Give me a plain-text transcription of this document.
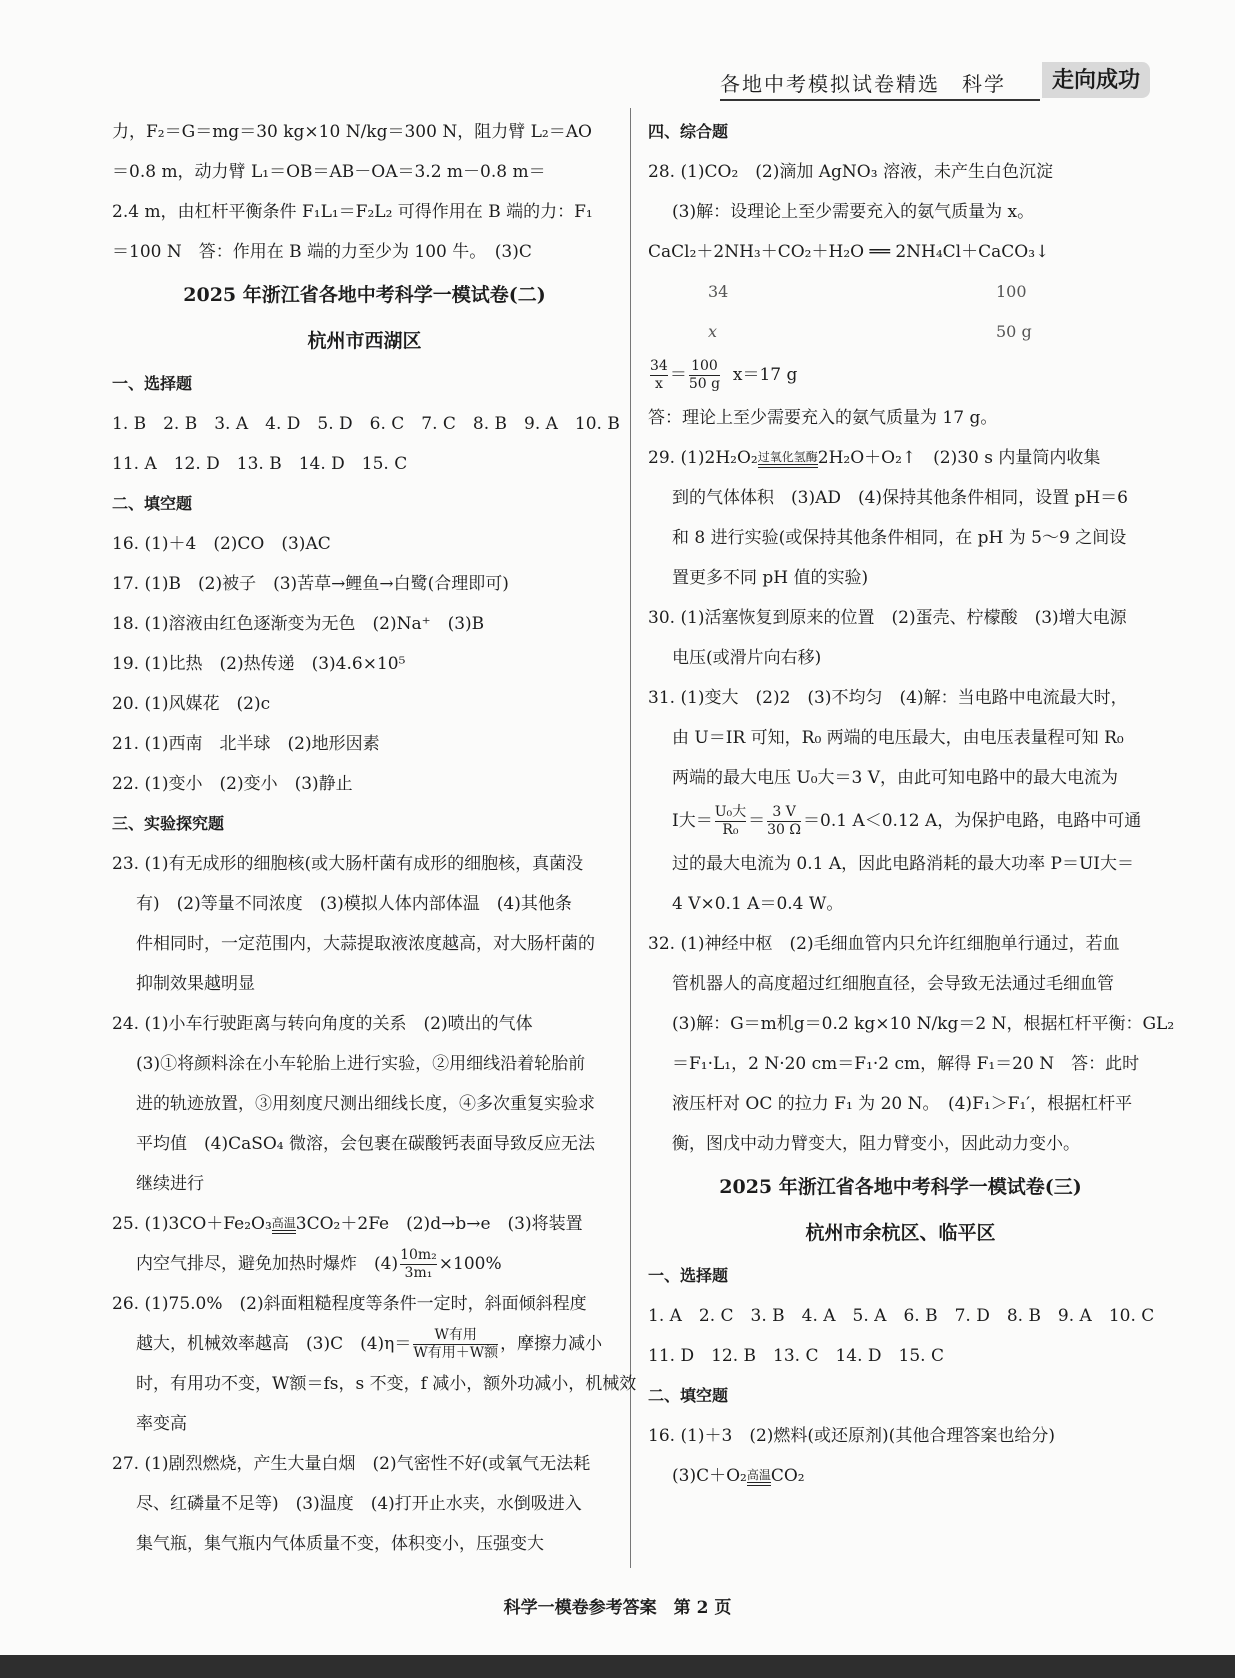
各地中考模拟试卷精选　科学	走向成功
力，F₂＝G＝mg＝30 kg×10 N/kg＝300 N，阻力臂 L₂＝AO
＝0.8 m，动力臂 L₁＝OB＝AB－OA＝3.2 m－0.8 m＝
2.4 m，由杠杆平衡条件 F₁L₁＝F₂L₂ 可得作用在 B 端的力：F₁
＝100 N　答：作用在 B 端的力至少为 100 牛。　(3)C
2025 年浙江省各地中考科学一模试卷(二)
杭州市西湖区
一、选择题
1. B　2. B　3. A　4. D　5. D　6. C　7. C　8. B　9. A　10. B
11. A　12. D　13. B　14. D　15. C
二、填空题
16. (1)＋4　(2)CO　(3)AC
17. (1)B　(2)被子　(3)苦草→鲤鱼→白鹭(合理即可)
18. (1)溶液由红色逐渐变为无色　(2)Na⁺　(3)B
19. (1)比热　(2)热传递　(3)4.6×10⁵
20. (1)风媒花　(2)c
21. (1)西南　北半球　(2)地形因素
22. (1)变小　(2)变小　(3)静止
三、实验探究题
23. (1)有无成形的细胞核(或大肠杆菌有成形的细胞核，真菌没
有)　(2)等量不同浓度　(3)模拟人体内部体温　(4)其他条
件相同时，一定范围内，大蒜提取液浓度越高，对大肠杆菌的
抑制效果越明显
24. (1)小车行驶距离与转向角度的关系　(2)喷出的气体
(3)①将颜料涂在小车轮胎上进行实验，②用细线沿着轮胎前
进的轨迹放置，③用刻度尺测出细线长度，④多次重复实验求
平均值　(4)CaSO₄ 微溶，会包裹在碳酸钙表面导致反应无法
继续进行
25. (1)3CO＋Fe₂O₃ 高温 3CO₂＋2Fe　(2)d→b→e　(3)将装置
内空气排尽，避免加热时爆炸　$(4) \frac{\text{10m₂}}{\text{3m₁}} \times 100\%$
26. (1)75.0%　(2)斜面粗糙程度等条件一定时，斜面倾斜程度
越大，机械效率越高　(3)C　$(4)\eta= \frac{\text{W有用}}{\text{W有用＋W额}}$ ，摩擦力减小
时，有用功不变，W额＝fs，s 不变，f 减小，额外功减小，机械效
率变高
27. (1)剧烈燃烧，产生大量白烟　(2)气密性不好(或氧气无法耗
尽、红磷量不足等)　(3)温度　(4)打开止水夹，水倒吸进入
集气瓶，集气瓶内气体质量不变，体积变小，压强变大
四、综合题
28. (1)CO₂　(2)滴加 AgNO₃ 溶液，未产生白色沉淀
(3)解：设理论上至少需要充入的氨气质量为 x。
CaCl₂＋2NH₃＋CO₂＋H₂O ══ 2NH₄Cl＋CaCO₃↓
34	100
x	50 g
$\frac{34}{x} = \frac{100}{50 g} x=17$ g
答：理论上至少需要充入的氨气质量为 17 g。
29. (1)2H₂O₂ 过氧化氢酶 2H₂O＋O₂↑　(2)30 s 内量筒内收集
到的气体体积　(3)AD　(4)保持其他条件相同，设置 pH＝6
和 8 进行实验(或保持其他条件相同，在 pH 为 5～9 之间设
置更多不同 pH 值的实验)
30. (1)活塞恢复到原来的位置　(2)蛋壳、柠檬酸　(3)增大电源
电压(或滑片向右移)
31. (1)变大　(2)2　(3)不均匀　(4)解：当电路中电流最大时，
由 U＝IR 可知，R₀ 两端的电压最大，由电压表量程可知 R₀
两端的最大电压 U₀大＝3 V，由此可知电路中的最大电流为
I大＝ $\frac{\text{U₀大}}{\text{R₀}} = \frac{3 V}{30 \Omega} =0.1$ A＜0.12 A，为保护电路，电路中可通
过的最大电流为 0.1 A，因此电路消耗的最大功率 P＝UI大＝
4 V×0.1 A＝0.4 W。
32. (1)神经中枢　(2)毛细血管内只允许红细胞单行通过，若血
管机器人的高度超过红细胞直径，会导致无法通过毛细血管
(3)解：G＝m机g＝0.2 kg×10 N/kg＝2 N，根据杠杆平衡：GL₂
＝F₁·L₁，2 N·20 cm＝F₁·2 cm，解得 F₁＝20 N　答：此时
液压杆对 OC 的拉力 F₁ 为 20 N。　(4)F₁＞F₁′，根据杠杆平
衡，图戊中动力臂变大，阻力臂变小，因此动力变小。
2025 年浙江省各地中考科学一模试卷(三)
杭州市余杭区、临平区
一、选择题
1. A　2. C　3. B　4. A　5. A　6. B　7. D　8. B　9. A　10. C
11. D　12. B　13. C　14. D　15. C
二、填空题
16. (1)＋3　(2)燃料(或还原剂)(其他合理答案也给分)
(3)C＋O₂ 高温 CO₂
科学一模卷参考答案　第 2 页
